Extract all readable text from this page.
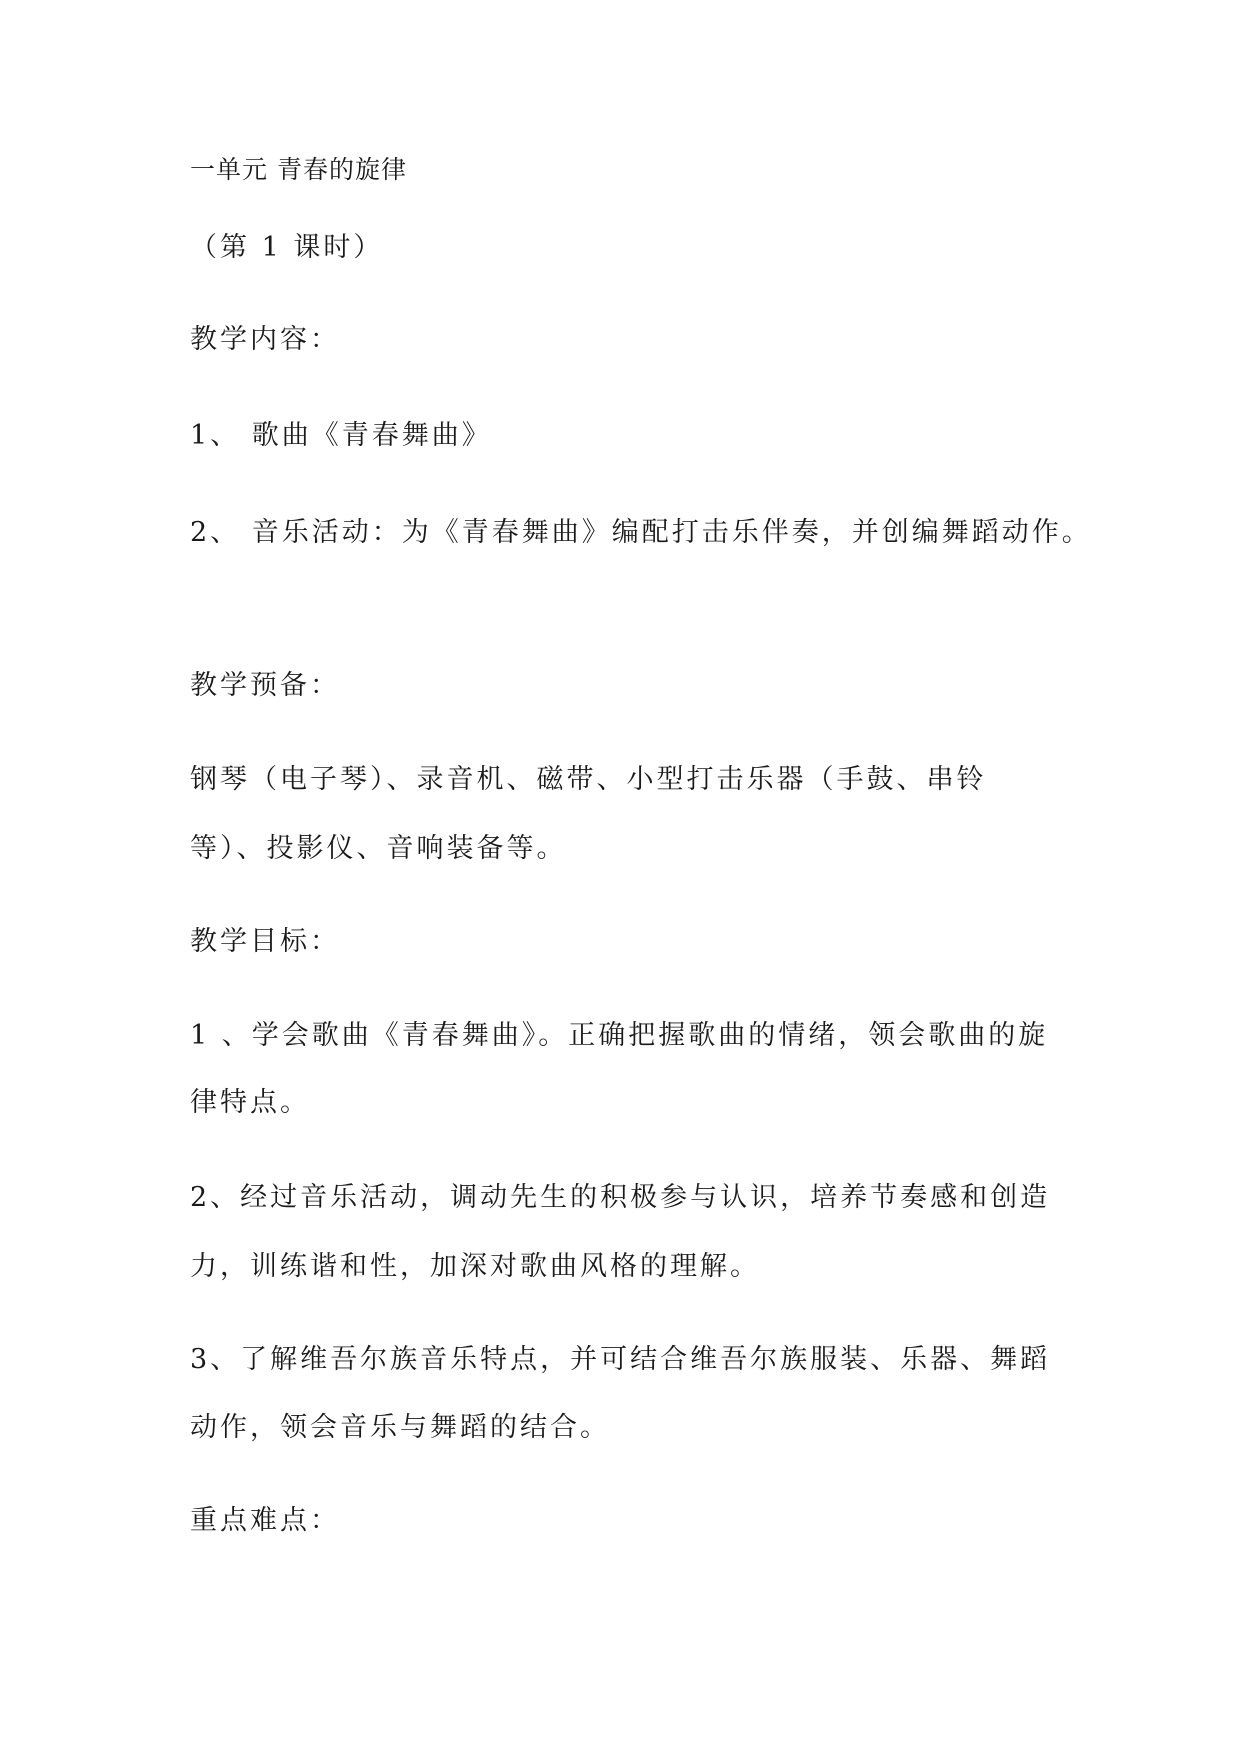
一单元 青春的旋律
（第 1 课时）
教学内容：
1、 歌曲《青春舞曲》
2、 音乐活动：为《青春舞曲》编配打击乐伴奏，并创编舞蹈动作。
教学预备：
钢琴（电子琴）、录音机、磁带、小型打击乐器（手鼓、串铃
等）、投影仪、音响装备等。
教学目标：
1 、学会歌曲《青春舞曲》。正确把握歌曲的情绪，领会歌曲的旋
律特点。
2、经过音乐活动，调动先生的积极参与认识，培养节奏感和创造
力，训练谐和性，加深对歌曲风格的理解。
3、了解维吾尔族音乐特点，并可结合维吾尔族服装、乐器、舞蹈
动作，领会音乐与舞蹈的结合。
重点难点：
